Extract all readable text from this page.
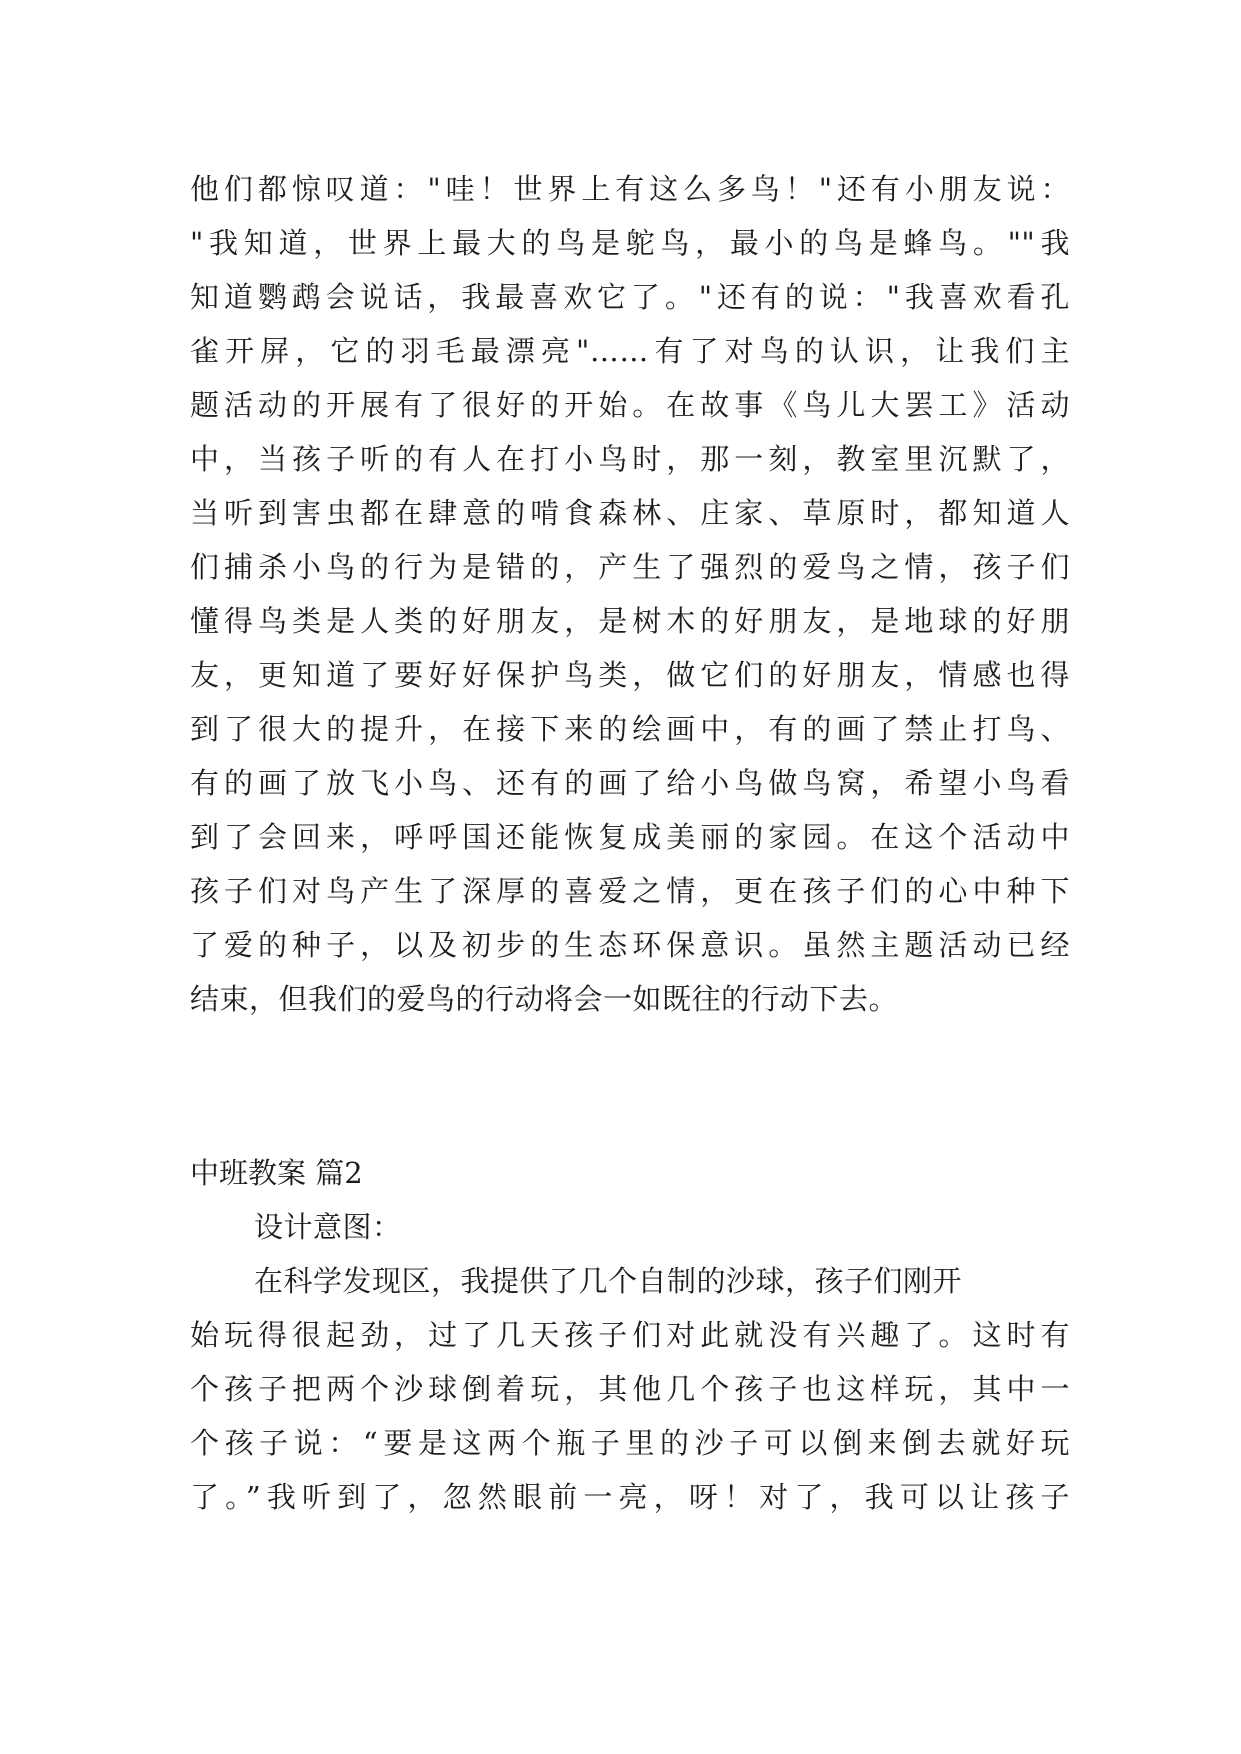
他们都惊叹道："哇！世界上有这么多鸟！"还有小朋友说：
"我知道，世界上最大的鸟是鸵鸟，最小的鸟是蜂鸟。""我
知道鹦鹉会说话，我最喜欢它了。"还有的说："我喜欢看孔
雀开屏，它的羽毛最漂亮"……有了对鸟的认识，让我们主
题活动的开展有了很好的开始。在故事《鸟儿大罢工》活动
中，当孩子听的有人在打小鸟时，那一刻，教室里沉默了，
当听到害虫都在肆意的啃食森林、庄家、草原时，都知道人
们捕杀小鸟的行为是错的，产生了强烈的爱鸟之情，孩子们
懂得鸟类是人类的好朋友，是树木的好朋友，是地球的好朋
友，更知道了要好好保护鸟类，做它们的好朋友，情感也得
到了很大的提升，在接下来的绘画中，有的画了禁止打鸟、
有的画了放飞小鸟、还有的画了给小鸟做鸟窝，希望小鸟看
到了会回来，呼呼国还能恢复成美丽的家园。在这个活动中
孩子们对鸟产生了深厚的喜爱之情，更在孩子们的心中种下
了爱的种子，以及初步的生态环保意识。虽然主题活动已经
结束，但我们的爱鸟的行动将会一如既往的行动下去。
中班教案 篇2
设计意图：
在科学发现区，我提供了几个自制的沙球，孩子们刚开
始玩得很起劲，过了几天孩子们对此就没有兴趣了。这时有
个孩子把两个沙球倒着玩，其他几个孩子也这样玩，其中一
个孩子说：“要是这两个瓶子里的沙子可以倒来倒去就好玩
了。”我听到了，忽然眼前一亮，呀！对了，我可以让孩子
